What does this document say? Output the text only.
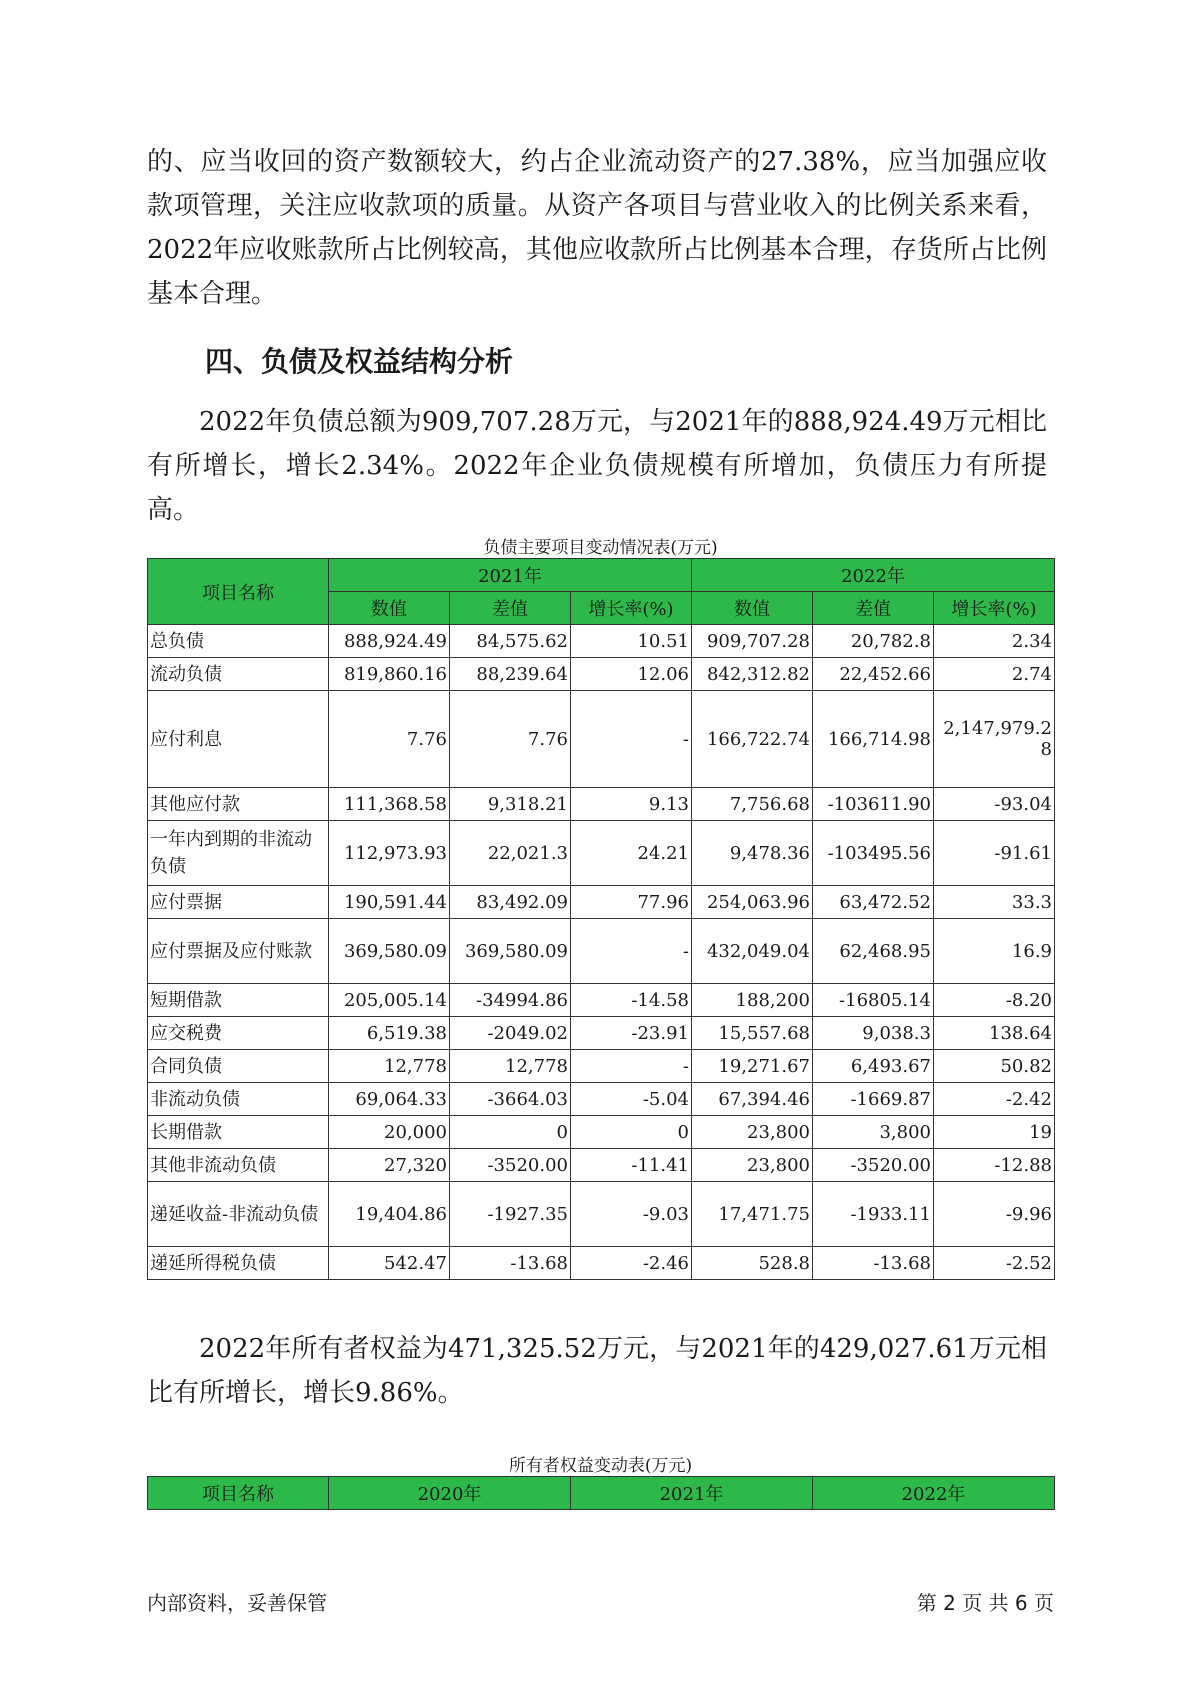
的、应当收回的资产数额较大，约占企业流动资产的27.38%，应当加强应收款项管理，关注应收款项的质量。从资产各项目与营业收入的比例关系来看，2022年应收账款所占比例较高，其他应收款所占比例基本合理，存货所占比例基本合理。

四、负债及权益结构分析

2022年负债总额为909,707.28万元，与2021年的888,924.49万元相比有所增长，增长2.34%。2022年企业负债规模有所增加，负债压力有所提高。

负债主要项目变动情况表(万元)

项目名称	2021年			2022年		
	数值	差值	增长率(%)	数值	差值	增长率(%)
总负债	888,924.49	84,575.62	10.51	909,707.28	20,782.8	2.34
流动负债	819,860.16	88,239.64	12.06	842,312.82	22,452.66	2.74
应付利息	7.76	7.76	-	166,722.74	166,714.98	2,147,979.28
其他应付款	111,368.58	9,318.21	9.13	7,756.68	-103611.90	-93.04
一年内到期的非流动负债	112,973.93	22,021.3	24.21	9,478.36	-103495.56	-91.61
应付票据	190,591.44	83,492.09	77.96	254,063.96	63,472.52	33.3
应付票据及应付账款	369,580.09	369,580.09	-	432,049.04	62,468.95	16.9
短期借款	205,005.14	-34994.86	-14.58	188,200	-16805.14	-8.20
应交税费	6,519.38	-2049.02	-23.91	15,557.68	9,038.3	138.64
合同负债	12,778	12,778	-	19,271.67	6,493.67	50.82
非流动负债	69,064.33	-3664.03	-5.04	67,394.46	-1669.87	-2.42
长期借款	20,000	0	0	23,800	3,800	19
其他非流动负债	27,320	-3520.00	-11.41	23,800	-3520.00	-12.88
递延收益-非流动负债	19,404.86	-1927.35	-9.03	17,471.75	-1933.11	-9.96
递延所得税负债	542.47	-13.68	-2.46	528.8	-13.68	-2.52

2022年所有者权益为471,325.52万元，与2021年的429,027.61万元相比有所增长，增长9.86%。

所有者权益变动表(万元)

项目名称	2020年	2021年	2022年

内部资料，妥善保管	第 2 页 共 6 页
